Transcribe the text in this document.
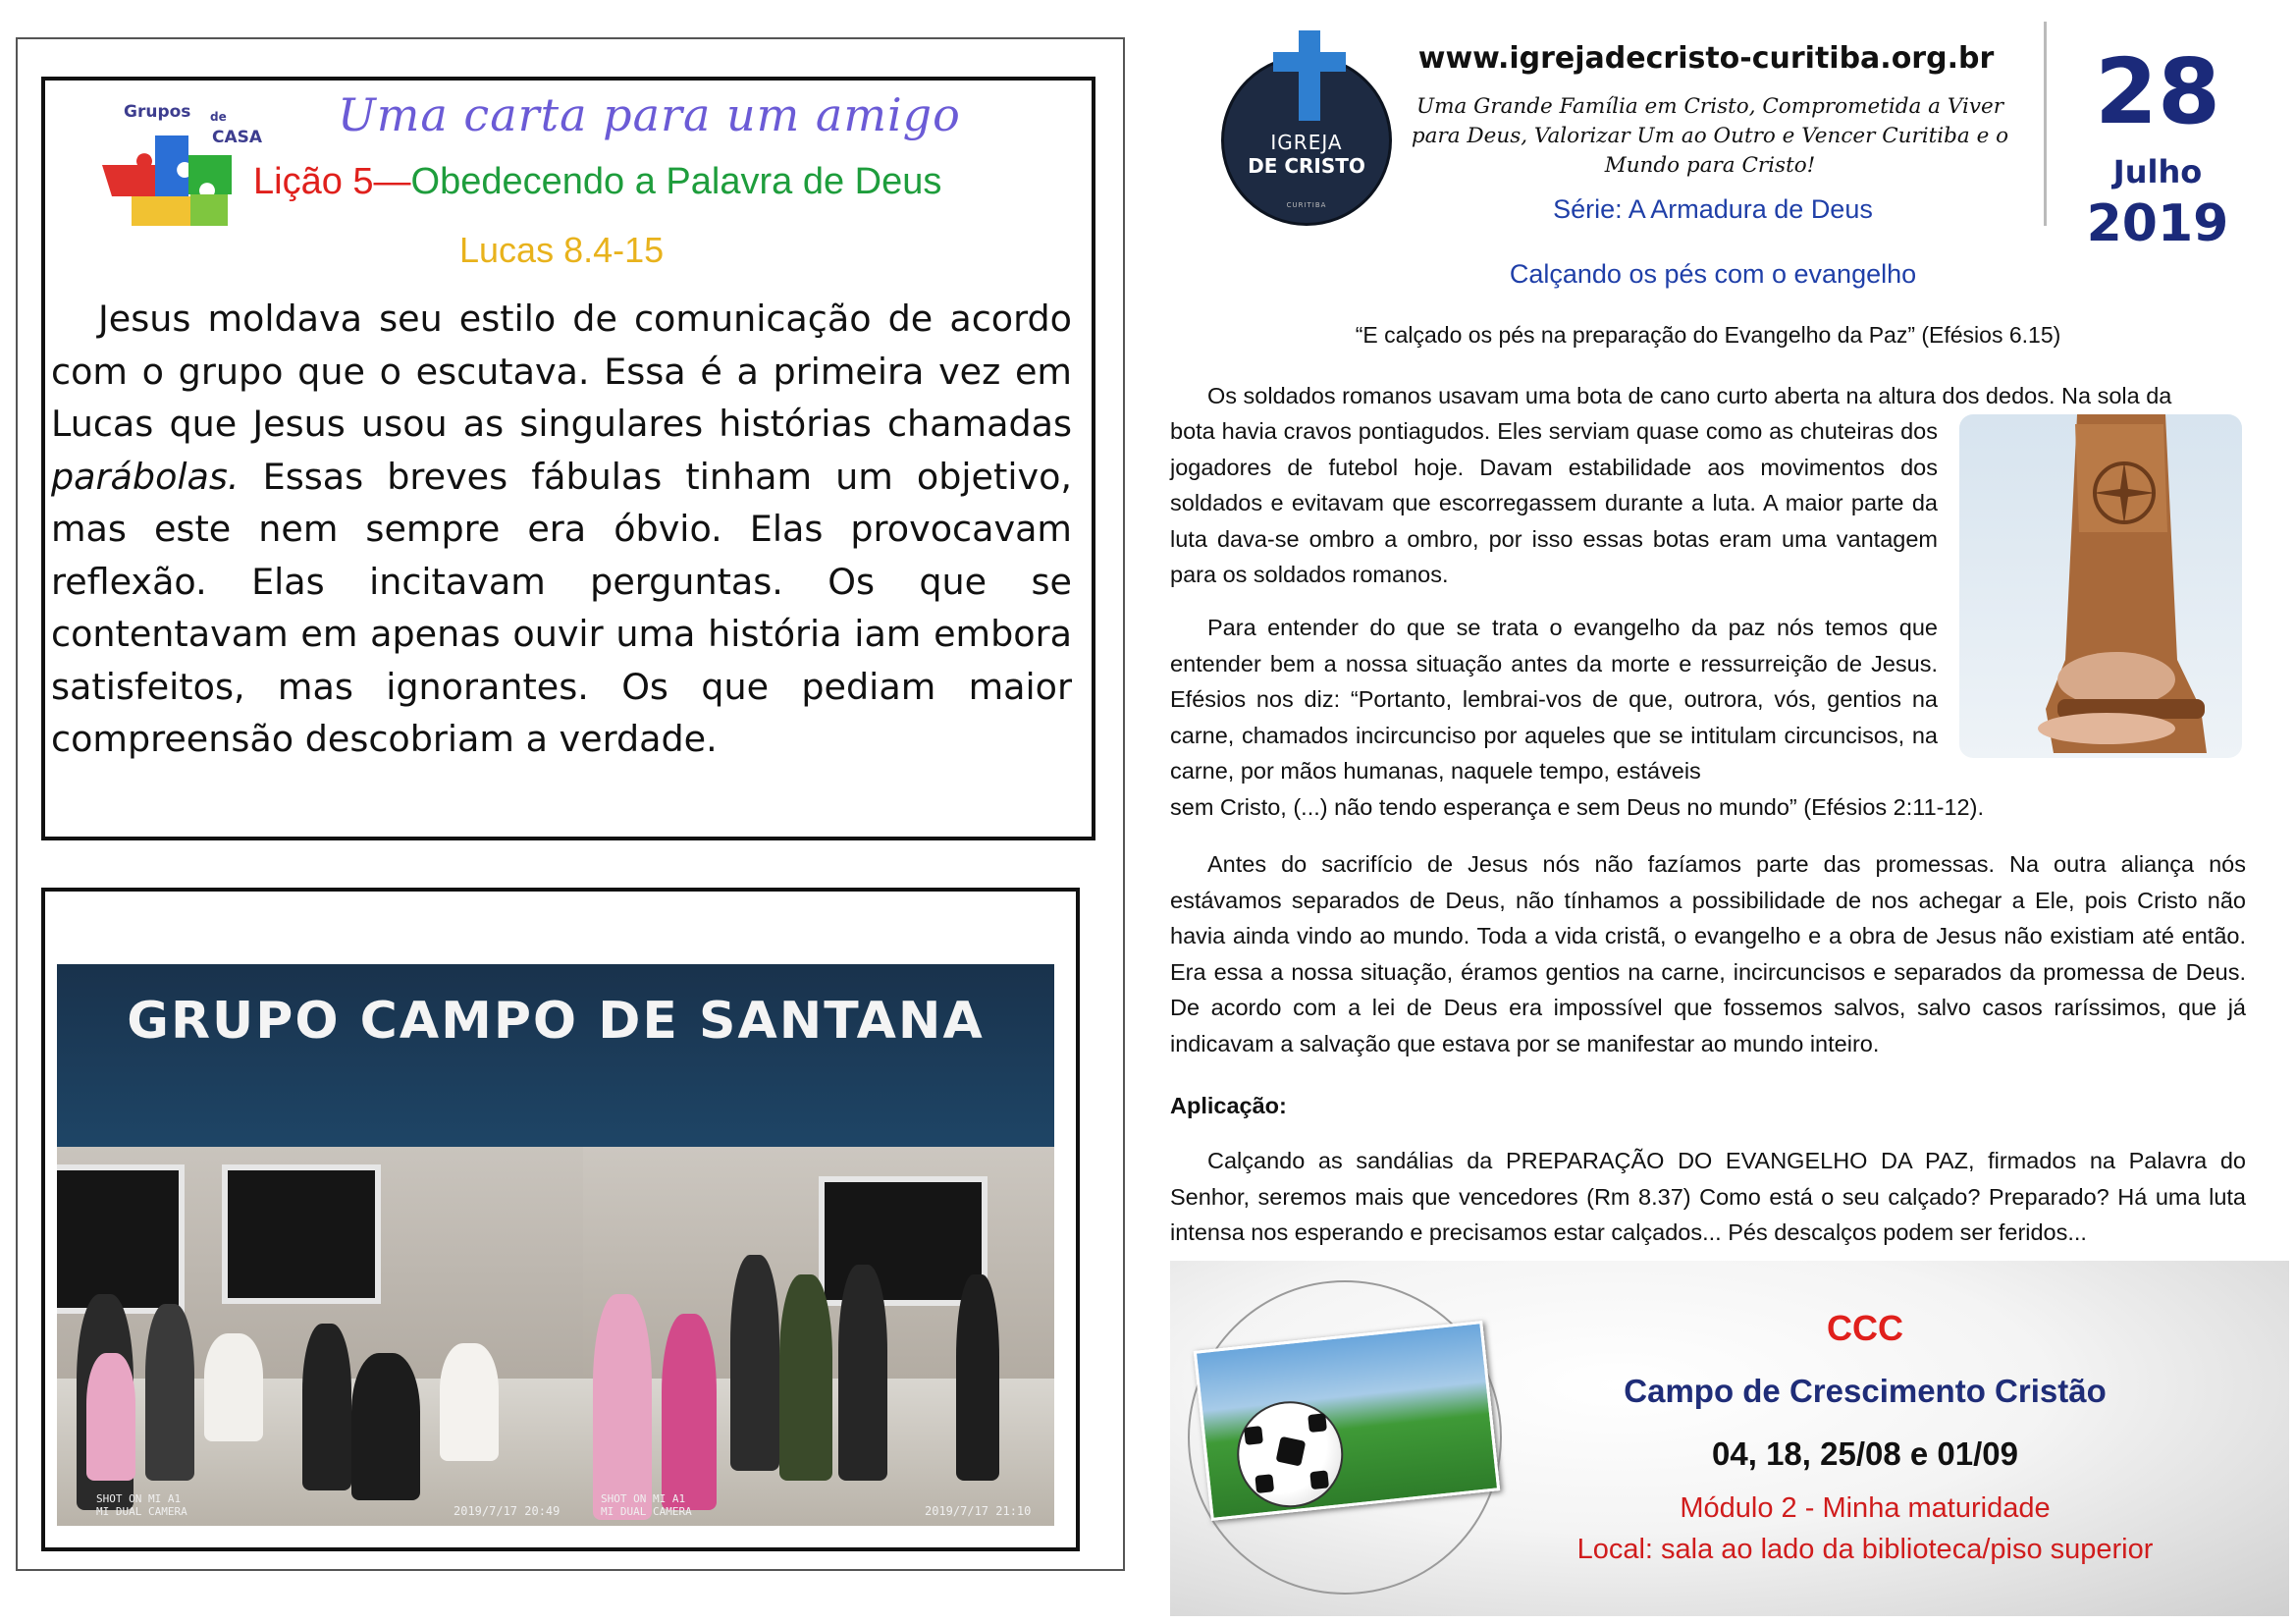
Grupos de
CASA Uma carta para um amigo
Lição 5—Obedecendo a Palavra de Deus
Lucas 8.4-15
Jesus moldava seu estilo de comunicação de acordo com o grupo que o escutava. Essa é a primeira vez em Lucas que Jesus usou as singulares histórias chamadas parábolas. Essas breves fábulas tinham um objetivo, mas este nem sempre era óbvio. Elas provocavam reflexão. Elas incitavam perguntas. Os que se contentavam em apenas ouvir uma história iam embora satisfeitos, mas ignorantes. Os que pediam maior compreensão descobriam a verdade.
GRUPO CAMPO DE SANTANA
SHOT ON MI A1
MI DUAL CAMERA	2019/7/17 20:49
SHOT ON MI A1
MI DUAL CAMERA	2019/7/17 21:10
IGREJA
DE CRISTO
CURITIBA
www.igrejadecristo-curitiba.org.br
Uma Grande Família em Cristo, Comprometida a Viver para Deus, Valorizar Um ao Outro e Vencer Curitiba e o Mundo para Cristo!
28
Julho
2019
Série: A Armadura de Deus
Calçando os pés com o evangelho
“E calçado os pés na preparação do Evangelho da Paz” (Efésios 6.15)
Os soldados romanos usavam uma bota de cano curto aberta na altura dos dedos. Na sola da
bota havia cravos pontiagudos. Eles serviam quase como as chuteiras dos jogadores de futebol hoje. Davam estabilidade aos movimentos dos soldados e evitavam que escorregassem durante a luta. A maior parte da luta dava-se ombro a ombro, por isso essas botas eram uma vantagem para os soldados romanos.
Para entender do que se trata o evangelho da paz nós temos que entender bem a nossa situação antes da morte e ressurreição de Jesus. Efésios nos diz: “Portanto, lembrai-vos de que, outrora, vós, gentios na carne, chamados incircunciso por aqueles que se intitulam circuncisos, na carne, por mãos humanas, naquele tempo, estáveis
sem Cristo, (...) não tendo esperança e sem Deus no mundo” (Efésios 2:11-12).
Antes do sacrifício de Jesus nós não fazíamos parte das promessas. Na outra aliança nós estávamos separados de Deus, não tínhamos a possibilidade de nos achegar a Ele, pois Cristo não havia ainda vindo ao mundo. Toda a vida cristã, o evangelho e a obra de Jesus não existiam até então. Era essa a nossa situação, éramos gentios na carne, incircuncisos e separados da promessa de Deus. De acordo com a lei de Deus era impossível que fossemos salvos, salvo casos raríssimos, que já indicavam a salvação que estava por se manifestar ao mundo inteiro.
Aplicação:
Calçando as sandálias da PREPARAÇÃO DO EVANGELHO DA PAZ, firmados na Palavra do Senhor, seremos mais que vencedores (Rm 8.37) Como está o seu calçado? Preparado? Há uma luta intensa nos esperando e precisamos estar calçados... Pés descalços podem ser feridos...
CCC
Campo de Crescimento Cristão
04, 18, 25/08 e 01/09
Módulo 2 - Minha maturidade
Local: sala ao lado da biblioteca/piso superior
